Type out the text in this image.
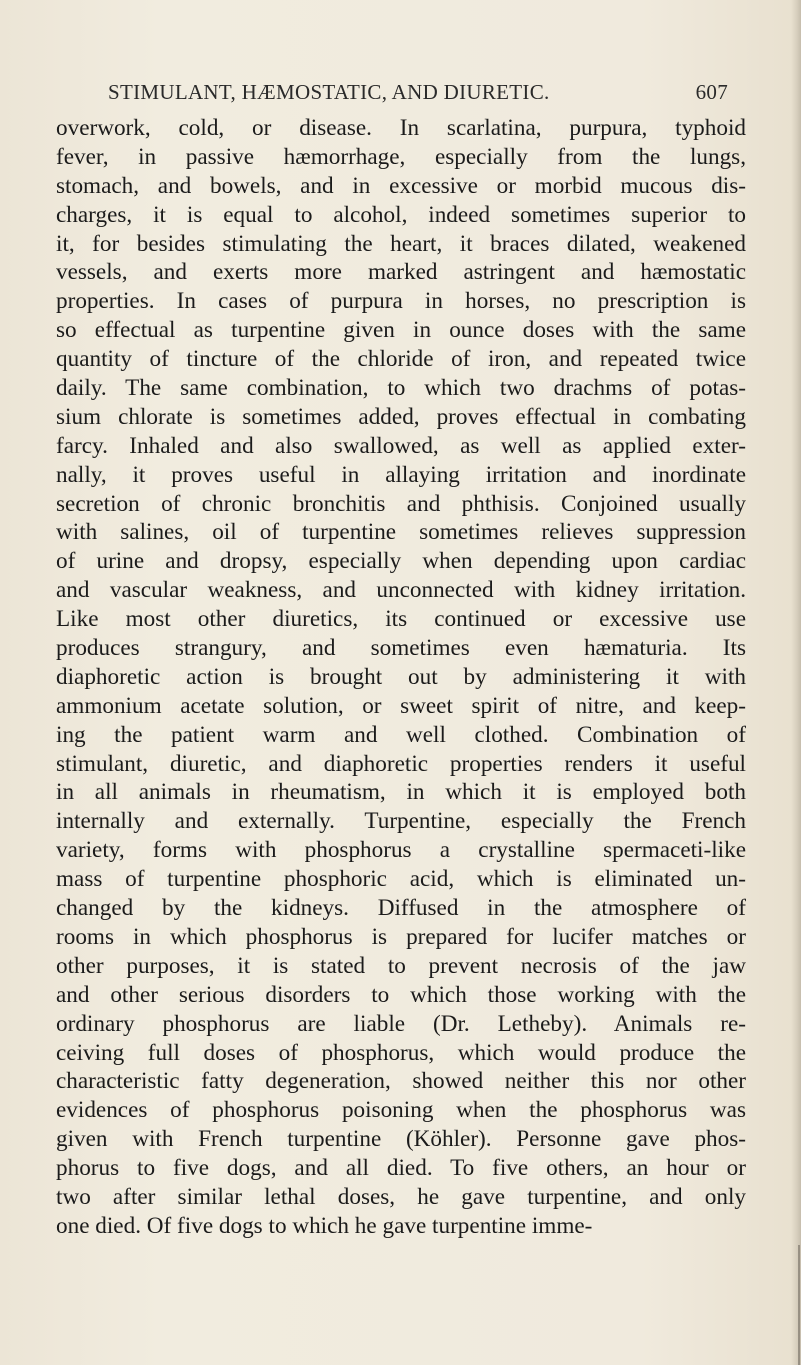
STIMULANT, HÆMOSTATIC, AND DIURETIC.	607
overwork, cold, or disease. In scarlatina, purpura, typhoid
fever, in passive hæmorrhage, especially from the lungs,
stomach, and bowels, and in excessive or morbid mucous dis-
charges, it is equal to alcohol, indeed sometimes superior to
it, for besides stimulating the heart, it braces dilated, weakened
vessels, and exerts more marked astringent and hæmostatic
properties. In cases of purpura in horses, no prescription is
so effectual as turpentine given in ounce doses with the same
quantity of tincture of the chloride of iron, and repeated twice
daily. The same combination, to which two drachms of potas-
sium chlorate is sometimes added, proves effectual in combating
farcy. Inhaled and also swallowed, as well as applied exter-
nally, it proves useful in allaying irritation and inordinate
secretion of chronic bronchitis and phthisis. Conjoined usually
with salines, oil of turpentine sometimes relieves suppression
of urine and dropsy, especially when depending upon cardiac
and vascular weakness, and unconnected with kidney irritation.
Like most other diuretics, its continued or excessive use
produces strangury, and sometimes even hæmaturia. Its
diaphoretic action is brought out by administering it with
ammonium acetate solution, or sweet spirit of nitre, and keep-
ing the patient warm and well clothed. Combination of
stimulant, diuretic, and diaphoretic properties renders it useful
in all animals in rheumatism, in which it is employed both
internally and externally. Turpentine, especially the French
variety, forms with phosphorus a crystalline spermaceti-like
mass of turpentine phosphoric acid, which is eliminated un-
changed by the kidneys. Diffused in the atmosphere of
rooms in which phosphorus is prepared for lucifer matches or
other purposes, it is stated to prevent necrosis of the jaw
and other serious disorders to which those working with the
ordinary phosphorus are liable (Dr. Letheby). Animals re-
ceiving full doses of phosphorus, which would produce the
characteristic fatty degeneration, showed neither this nor other
evidences of phosphorus poisoning when the phosphorus was
given with French turpentine (Köhler). Personne gave phos-
phorus to five dogs, and all died. To five others, an hour or
two after similar lethal doses, he gave turpentine, and only
one died. Of five dogs to which he gave turpentine imme-
